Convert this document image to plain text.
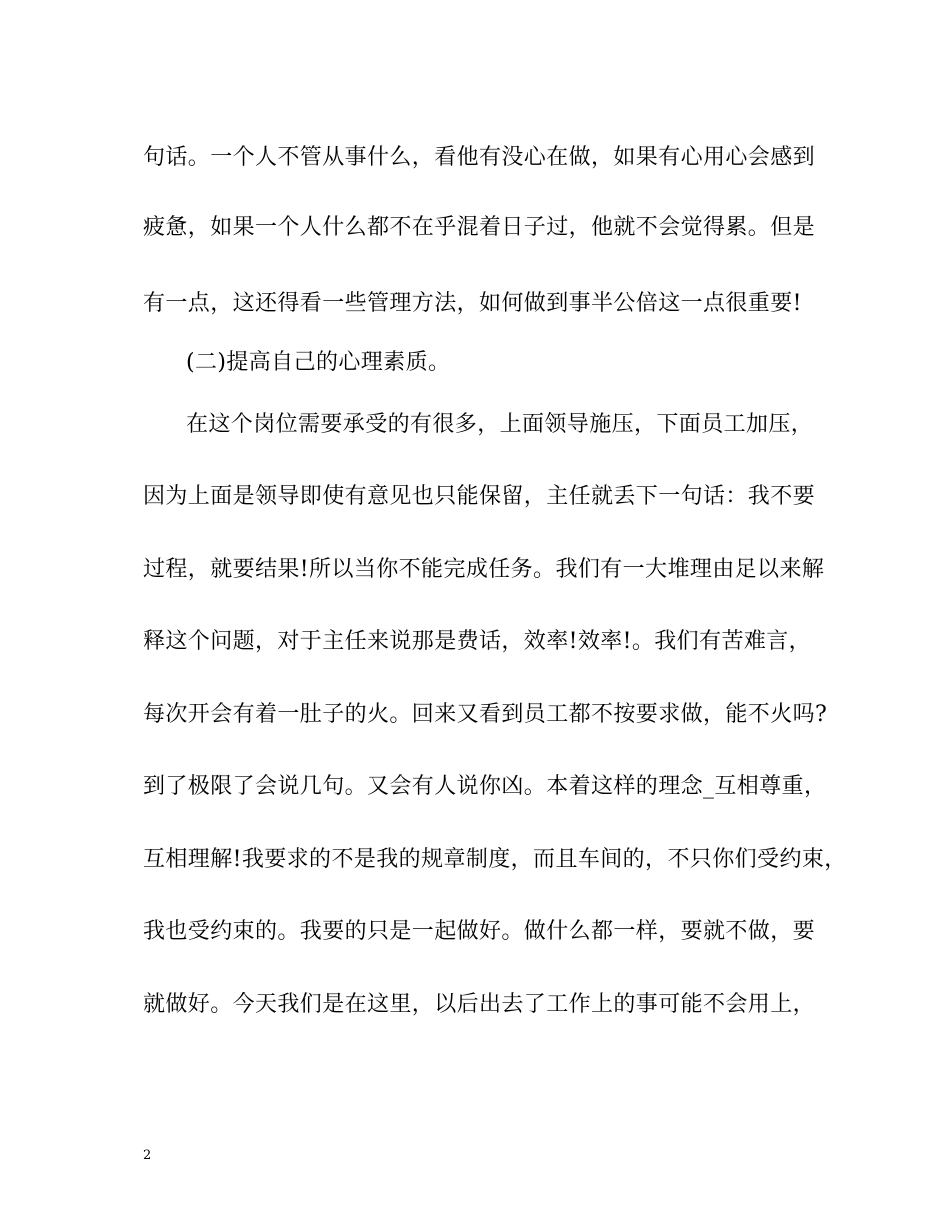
句话。一个人不管从事什么，看他有没心在做，如果有心用心会感到
疲惫，如果一个人什么都不在乎混着日子过，他就不会觉得累。但是
有一点，这还得看一些管理方法，如何做到事半公倍这一点很重要!
(二)提高自己的心理素质。
在这个岗位需要承受的有很多，上面领导施压，下面员工加压，
因为上面是领导即使有意见也只能保留，主任就丢下一句话：我不要
过程，就要结果!所以当你不能完成任务。我们有一大堆理由足以来解
释这个问题，对于主任来说那是费话，效率!效率!。我们有苦难言，
每次开会有着一肚子的火。回来又看到员工都不按要求做，能不火吗?
到了极限了会说几句。又会有人说你凶。本着这样的理念_互相尊重，
互相理解!我要求的不是我的规章制度，而且车间的，不只你们受约束，
我也受约束的。我要的只是一起做好。做什么都一样，要就不做，要
就做好。今天我们是在这里，以后出去了工作上的事可能不会用上，
2
